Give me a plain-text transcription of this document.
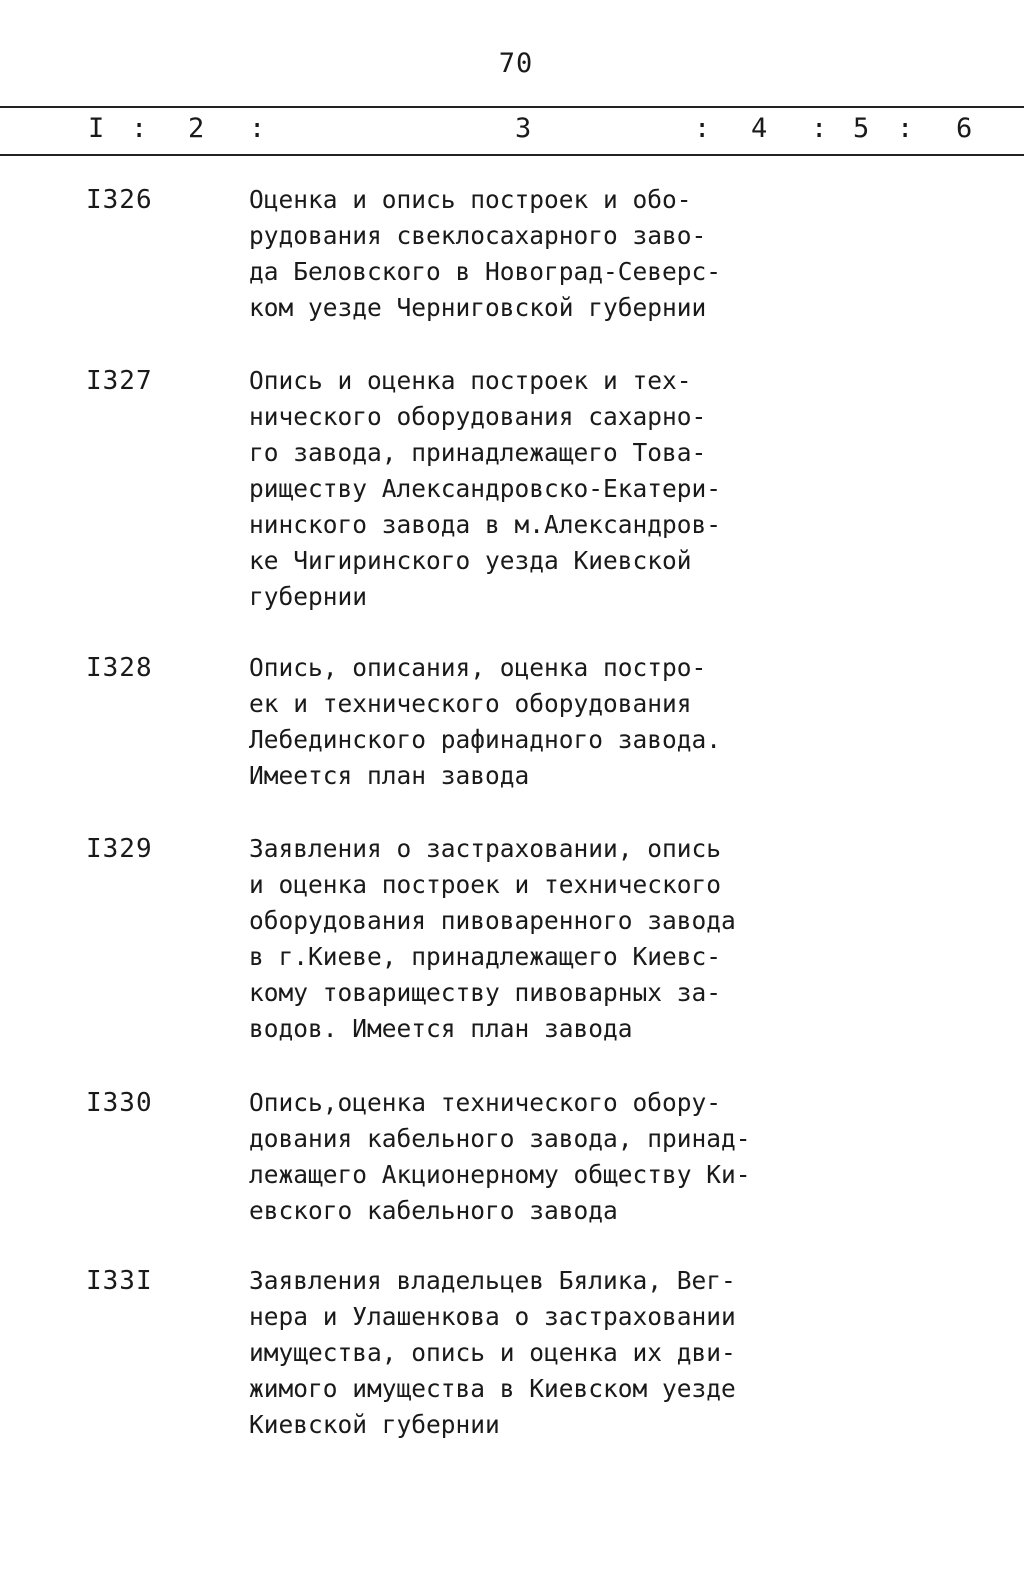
70
I : 2 :	3	: 4 : 5 : 6
I326	Оценка и опись построек и обо-
рудования свеклосахарного заво-
да Беловского в Новоград-Северс-
ком уезде Черниговской губернии
I327	Опись и оценка построек и тех-
нического оборудования сахарно-
го завода, принадлежащего Това-
риществу Александровско-Екатери-
нинского завода в м.Александров-
ке Чигиринского уезда Киевской
губернии
I328	Опись, описания, оценка постро-
ек и технического оборудования
Лебединского рафинадного завода.
Имеется план завода
I329	Заявления о застраховании, опись
и оценка построек и технического
оборудования пивоваренного завода
в г.Киеве, принадлежащего Киевс-
кому товариществу пивоварных за-
водов. Имеется план завода
I330	Опись,оценка технического обору-
дования кабельного завода, принад-
лежащего Акционерному обществу Ки-
евского кабельного завода
I33I	Заявления владельцев Бялика, Вег-
нера и Улашенкова о застраховании
имущества, опись и оценка их дви-
жимого имущества в Киевском уезде
Киевской губернии
